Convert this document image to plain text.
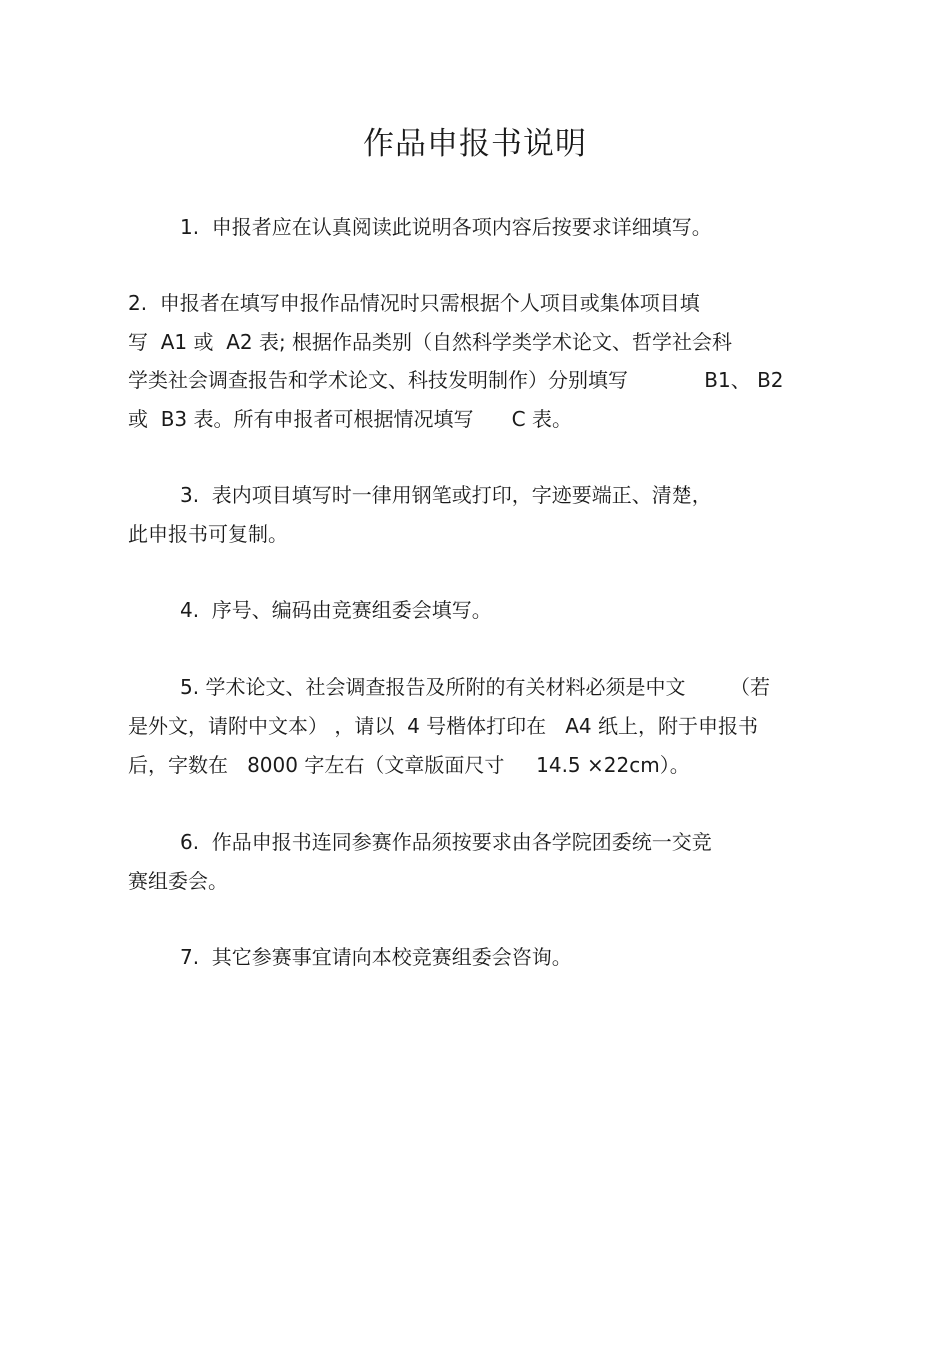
作品申报书说明
1.  申报者应在认真阅读此说明各项内容后按要求详细填写。
2.  申报者在填写申报作品情况时只需根据个人项目或集体项目填
写  A1 或  A2 表; 根据作品类别（自然科学类学术论文、哲学社会科
学类社会调查报告和学术论文、科技发明制作）分别填写            B1、 B2
或  B3 表。所有申报者可根据情况填写      C 表。
3.  表内项目填写时一律用钢笔或打印，字迹要端正、清楚，
此申报书可复制。
4.  序号、编码由竞赛组委会填写。
5. 学术论文、社会调查报告及所附的有关材料必须是中文       （若
是外文，请附中文本） ，请以  4 号楷体打印在   A4 纸上，附于申报书
后，字数在   8000 字左右（文章版面尺寸     14.5 ×22cm）。
6.  作品申报书连同参赛作品须按要求由各学院团委统一交竞
赛组委会。
7.  其它参赛事宜请向本校竞赛组委会咨询。
